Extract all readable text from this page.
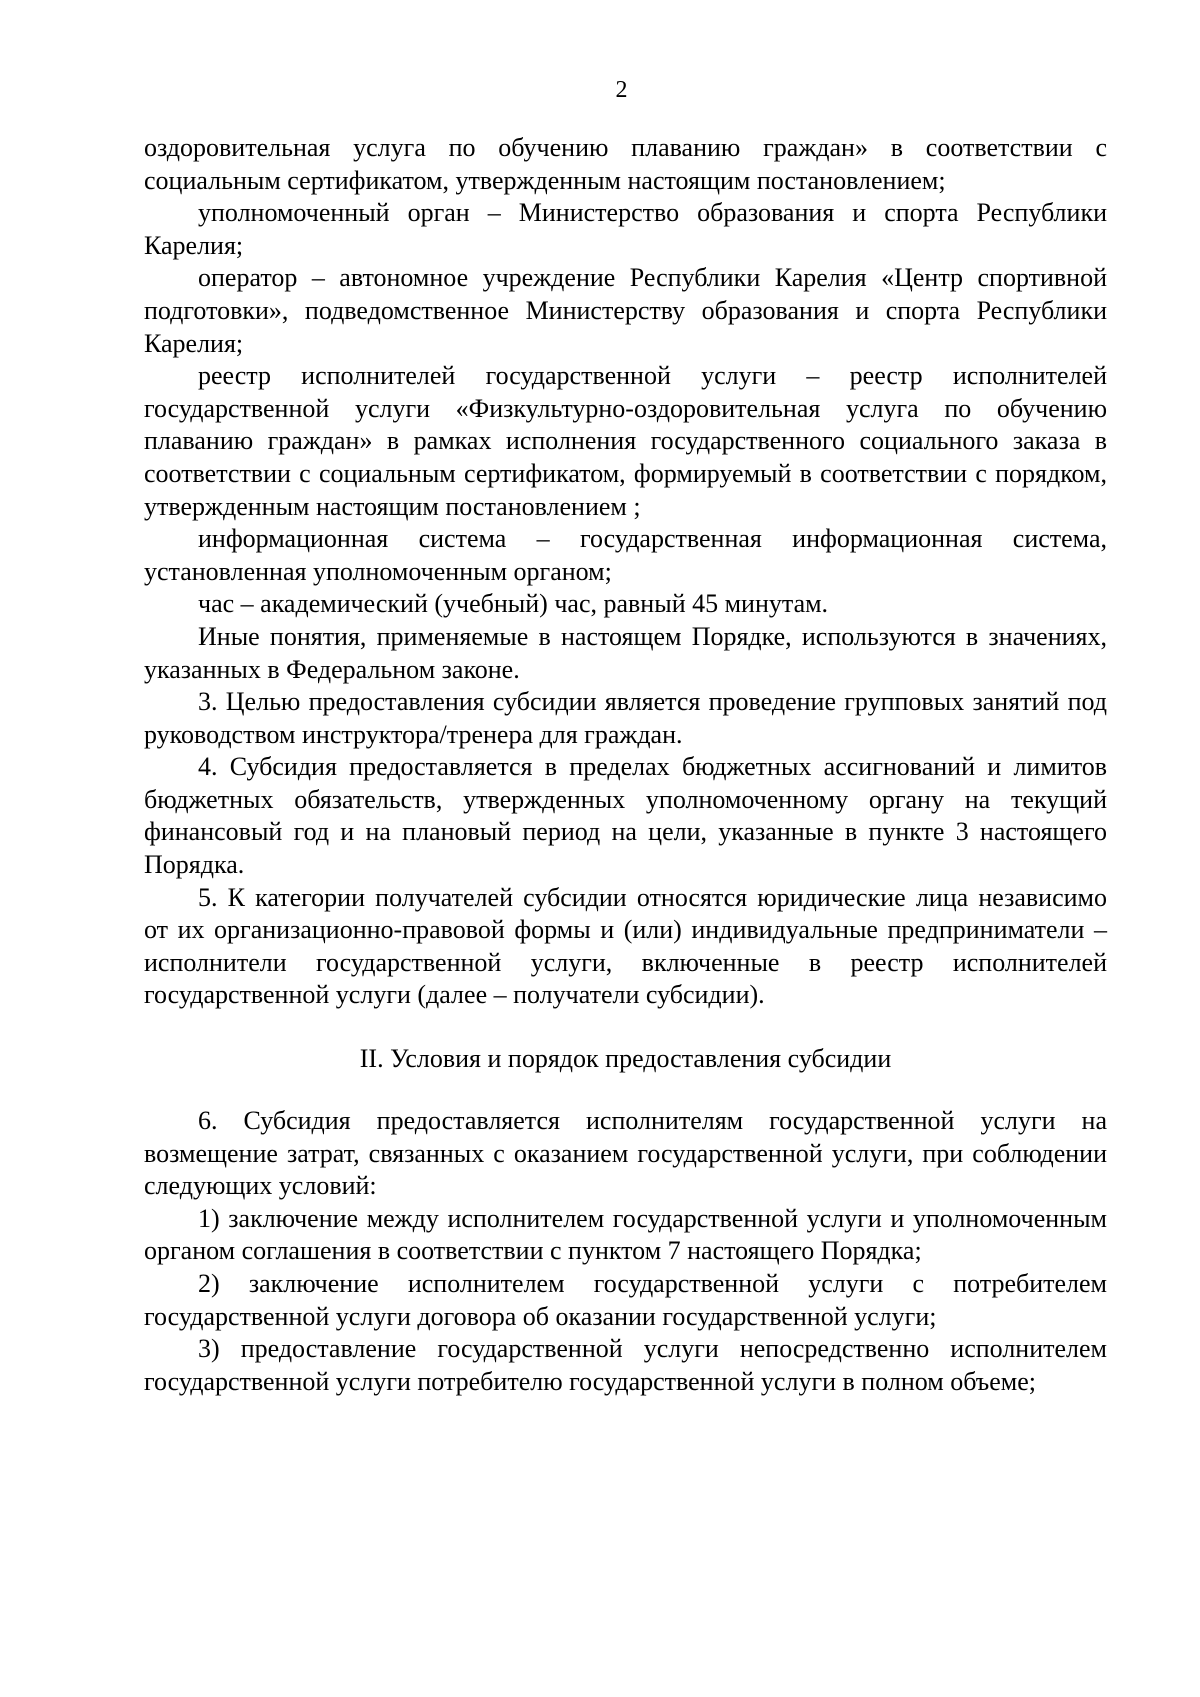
2

оздоровительная услуга по обучению плаванию граждан» в соответствии с социальным сертификатом, утвержденным настоящим постановлением;

уполномоченный орган – Министерство образования и спорта Республики Карелия;

оператор – автономное учреждение Республики Карелия «Центр спортивной подготовки», подведомственное Министерству образования и спорта Республики Карелия;

реестр исполнителей государственной услуги – реестр исполнителей государственной услуги «Физкультурно-оздоровительная услуга по обучению плаванию граждан» в рамках исполнения государственного социального заказа в соответствии с социальным сертификатом, формируемый в соответствии с порядком, утвержденным настоящим постановлением ;

информационная система – государственная информационная система, установленная уполномоченным органом;

час – академический (учебный) час, равный 45 минутам.

Иные понятия, применяемые в настоящем Порядке, используются в значениях, указанных в Федеральном законе.

3. Целью предоставления субсидии является проведение групповых занятий под руководством инструктора/тренера для граждан.

4. Субсидия предоставляется в пределах бюджетных ассигнований и лимитов бюджетных обязательств, утвержденных уполномоченному органу на текущий финансовый год и на плановый период на цели, указанные в пункте 3 настоящего Порядка.

5. К категории получателей субсидии относятся юридические лица независимо от их организационно-правовой формы и (или) индивидуальные предприниматели – исполнители государственной услуги, включенные в реестр исполнителей государственной услуги (далее – получатели субсидии).

II. Условия и порядок предоставления субсидии

6. Субсидия предоставляется исполнителям государственной услуги на возмещение затрат, связанных с оказанием государственной услуги, при соблюдении следующих условий:

1) заключение между исполнителем государственной услуги и уполномоченным органом соглашения в соответствии с пунктом 7 настоящего Порядка;

2) заключение исполнителем государственной услуги с потребителем государственной услуги договора об оказании государственной услуги;

3) предоставление государственной услуги непосредственно исполнителем государственной услуги потребителю государственной услуги в полном объеме;
